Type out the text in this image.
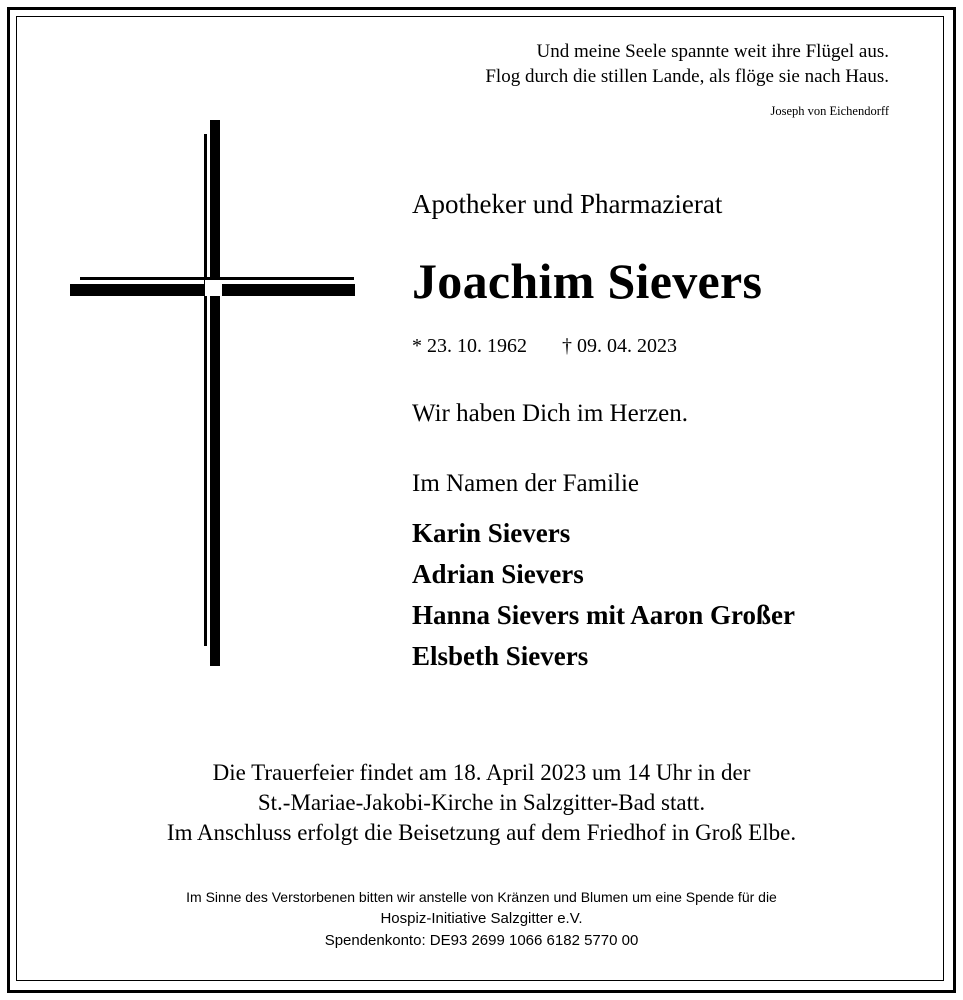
Und meine Seele spannte weit ihre Flügel aus.
Flog durch die stillen Lande, als flöge sie nach Haus.
Joseph von Eichendorff
Apotheker und Pharmazierat
Joachim Sievers
* 23. 10. 1962 † 09. 04. 2023
Wir haben Dich im Herzen.
Im Namen der Familie
Karin Sievers
Adrian Sievers
Hanna Sievers mit Aaron Großer
Elsbeth Sievers
Die Trauerfeier findet am 18. April 2023 um 14 Uhr in der
St.-Mariae-Jakobi-Kirche in Salzgitter-Bad statt.
Im Anschluss erfolgt die Beisetzung auf dem Friedhof in Groß Elbe.
Im Sinne des Verstorbenen bitten wir anstelle von Kränzen und Blumen um eine Spende für die
Hospiz-Initiative Salzgitter e.V.
Spendenkonto: DE93 2699 1066 6182 5770 00
